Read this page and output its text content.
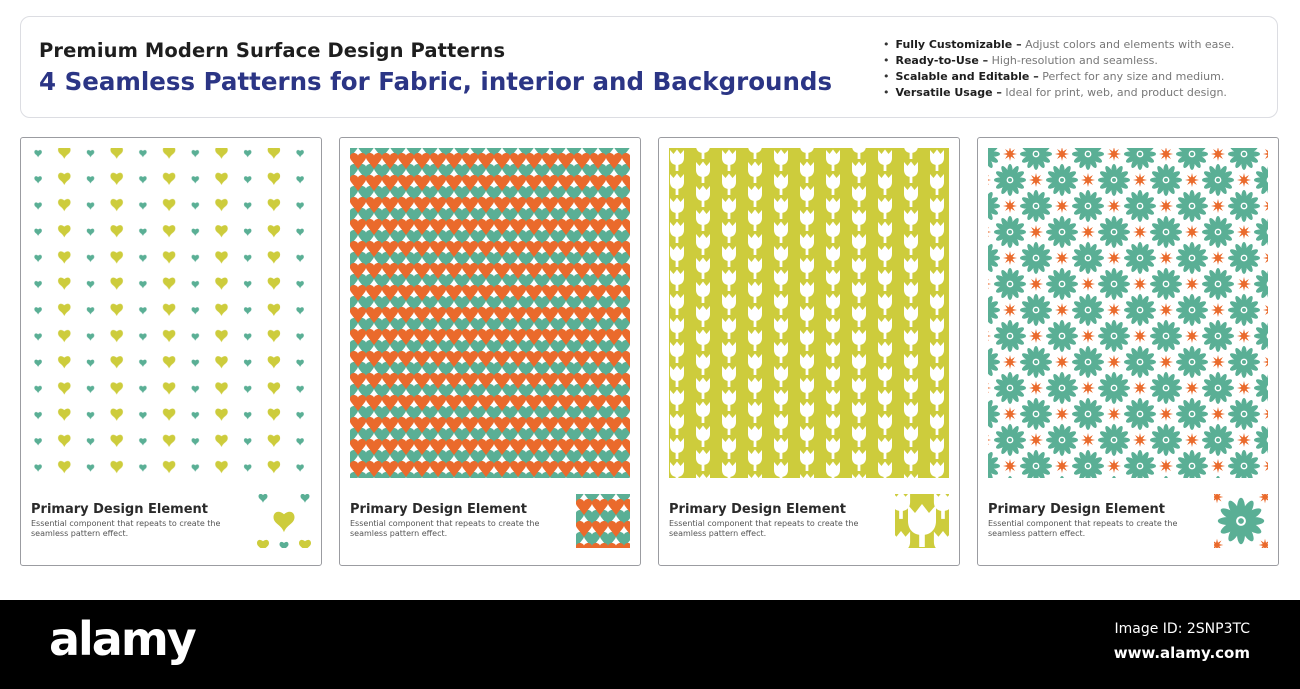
Premium Modern Surface Design Patterns
4 Seamless Patterns for Fabric, interior and Backgrounds
• Fully Customizable – Adjust colors and elements with ease.
• Ready-to-Use – High-resolution and seamless.
• Scalable and Editable – Perfect for any size and medium.
• Versatile Usage – Ideal for print, web, and product design.
Primary Design Element
Essential component that repeats to create the seamless pattern effect.
Primary Design Element
Essential component that repeats to create the seamless pattern effect.
Primary Design Element
Essential component that repeats to create the seamless pattern effect.
Primary Design Element
Essential component that repeats to create the seamless pattern effect.
alamy	Image ID: 2SNP3TC
www.alamy.com
